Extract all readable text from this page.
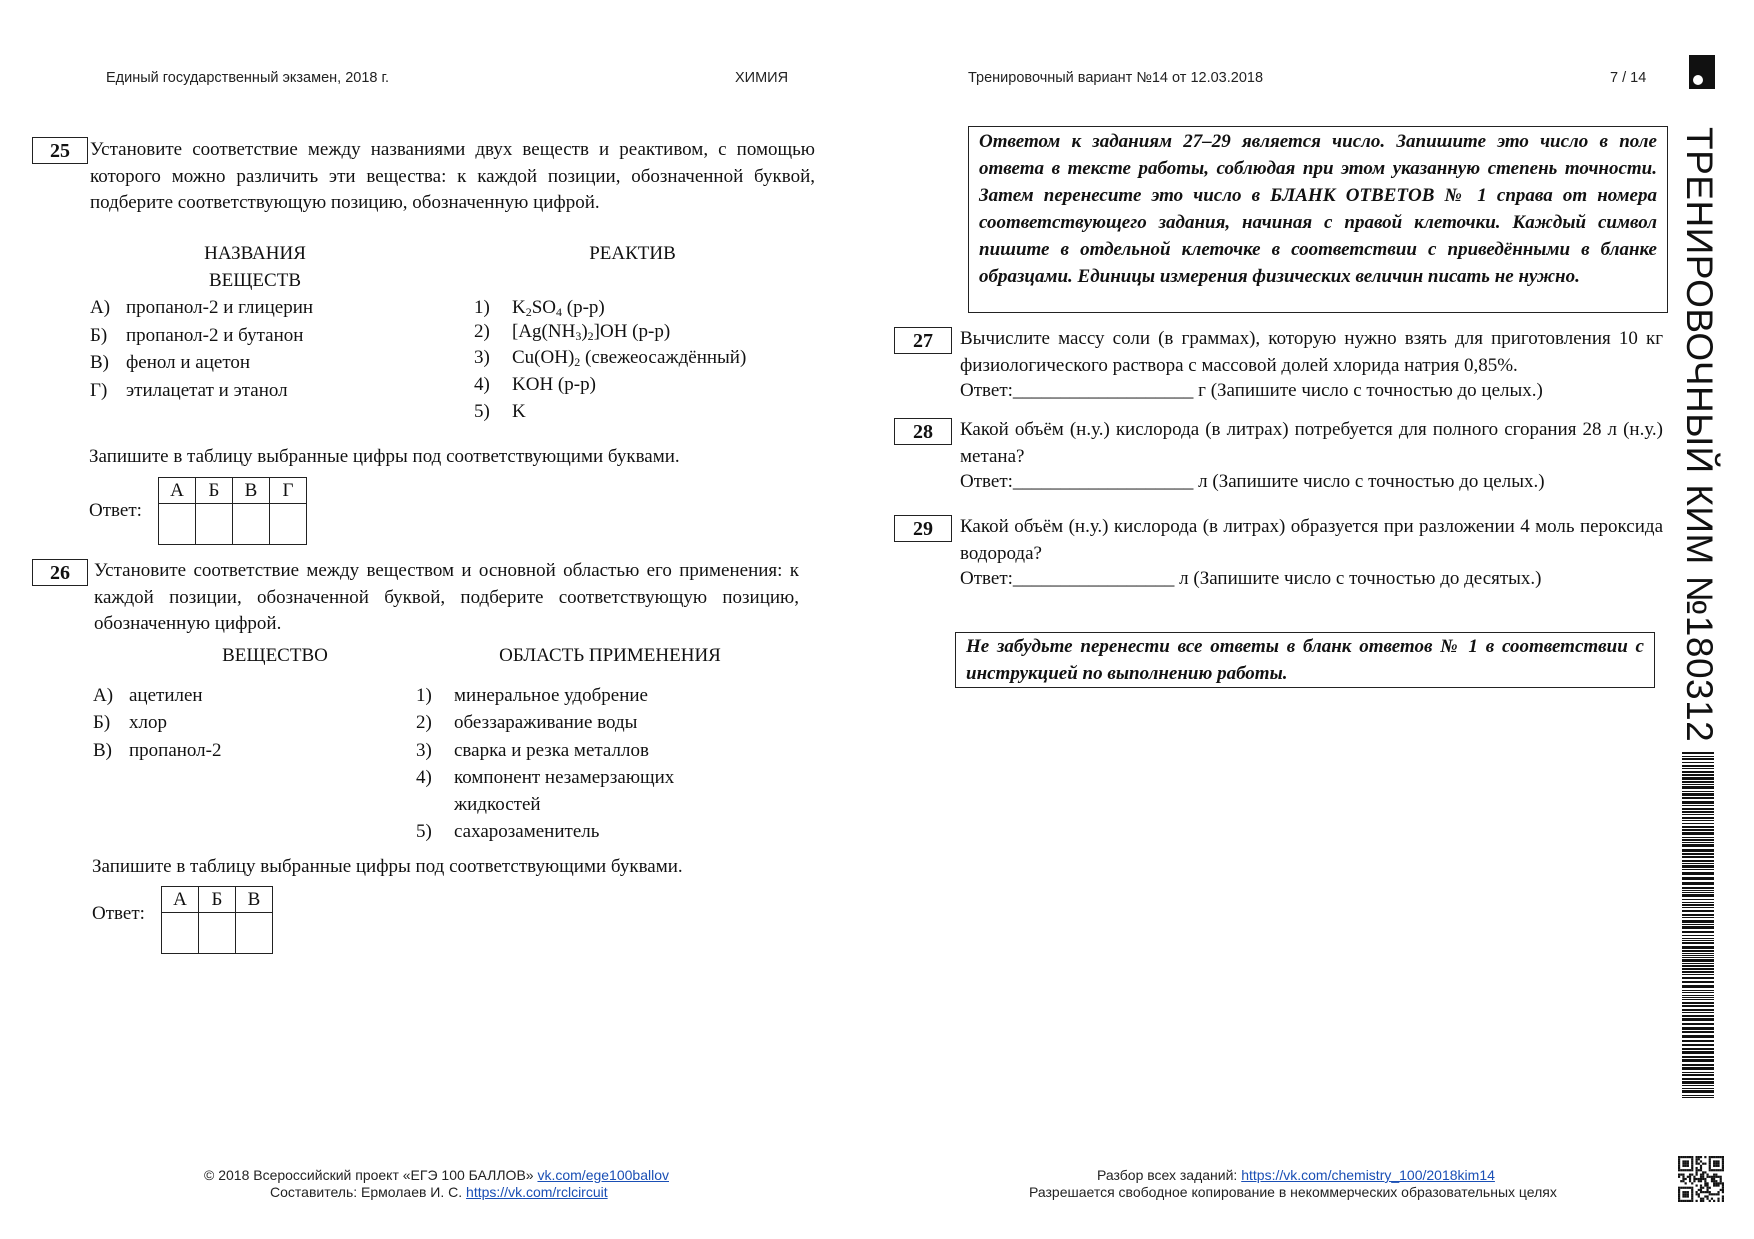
Единый государственный экзамен, 2018 г.	ХИМИЯ	Тренировочный вариант №14 от 12.03.2018	7 / 14
25	Установите соответствие между названиями двух веществ и реактивом, с помощью которого можно различить эти вещества: к каждой позиции, обозначенной буквой, подберите соответствующую позицию, обозначенную цифрой.
НАЗВАНИЯ
ВЕЩЕСТВ
РЕАКТИВ
А) пропанол-2 и глицерин
Б) пропанол-2 и бутанон
В) фенол и ацетон
Г) этилацетат и этанол
1) $K_2SO_4$ (р-р)
2) $[Ag(NH_3)_2]OH$ (р-р)
3) $Cu(OH)_2$ (свежеосаждённый)
4) KOH (р-р)
5) K
Запишите в таблицу выбранные цифры под соответствующими буквами.
Ответ:
А	Б	В	Г

26	Установите соответствие между веществом и основной областью его применения: к каждой позиции, обозначенной буквой, подберите соответствующую позицию, обозначенную цифрой.
ВЕЩЕСТВО	ОБЛАСТЬ ПРИМЕНЕНИЯ
А) ацетилен
Б) хлор
В) пропанол-2
1) минеральное удобрение
2) обеззараживание воды
3) сварка и резка металлов
4) компонент незамерзающих
жидкостей
5) сахарозаменитель
Запишите в таблицу выбранные цифры под соответствующими буквами.
Ответ:
А	Б	В

Ответом к заданиям 27–29 является число. Запишите это число в поле ответа в тексте работы, соблюдая при этом указанную степень точности. Затем перенесите это число в БЛАНК ОТВЕТОВ № 1 справа от номера соответствующего задания, начиная с правой клеточки. Каждый символ пишите в отдельной клеточке в соответствии с приведёнными в бланке образцами. Единицы измерения физических величин писать не нужно.
27	Вычислите массу соли (в граммах), которую нужно взять для приготовления 10 кг физиологического раствора с массовой долей хлорида натрия 0,85%.
Ответ:___________________ г (Запишите число с точностью до целых.)
28	Какой объём (н.у.) кислорода (в литрах) потребуется для полного сгорания 28 л (н.у.) метана?
Ответ:___________________ л (Запишите число с точностью до целых.)
29	Какой объём (н.у.) кислорода (в литрах) образуется при разложении 4 моль пероксида водорода?
Ответ:_________________ л (Запишите число с точностью до десятых.)
Не забудьте перенести все ответы в бланк ответов № 1 в соответствии с инструкцией по выполнению работы.	ТРЕНИРОВОЧНЫЙ КИМ №180312
© 2018 Всероссийский проект «ЕГЭ 100 БАЛЛОВ» vk.com/ege100ballov
Составитель: Ермолаев И. С. https://vk.com/rclcircuit
Разбор всех заданий: https://vk.com/chemistry_100/2018kim14
Разрешается свободное копирование в некоммерческих образовательных целях
